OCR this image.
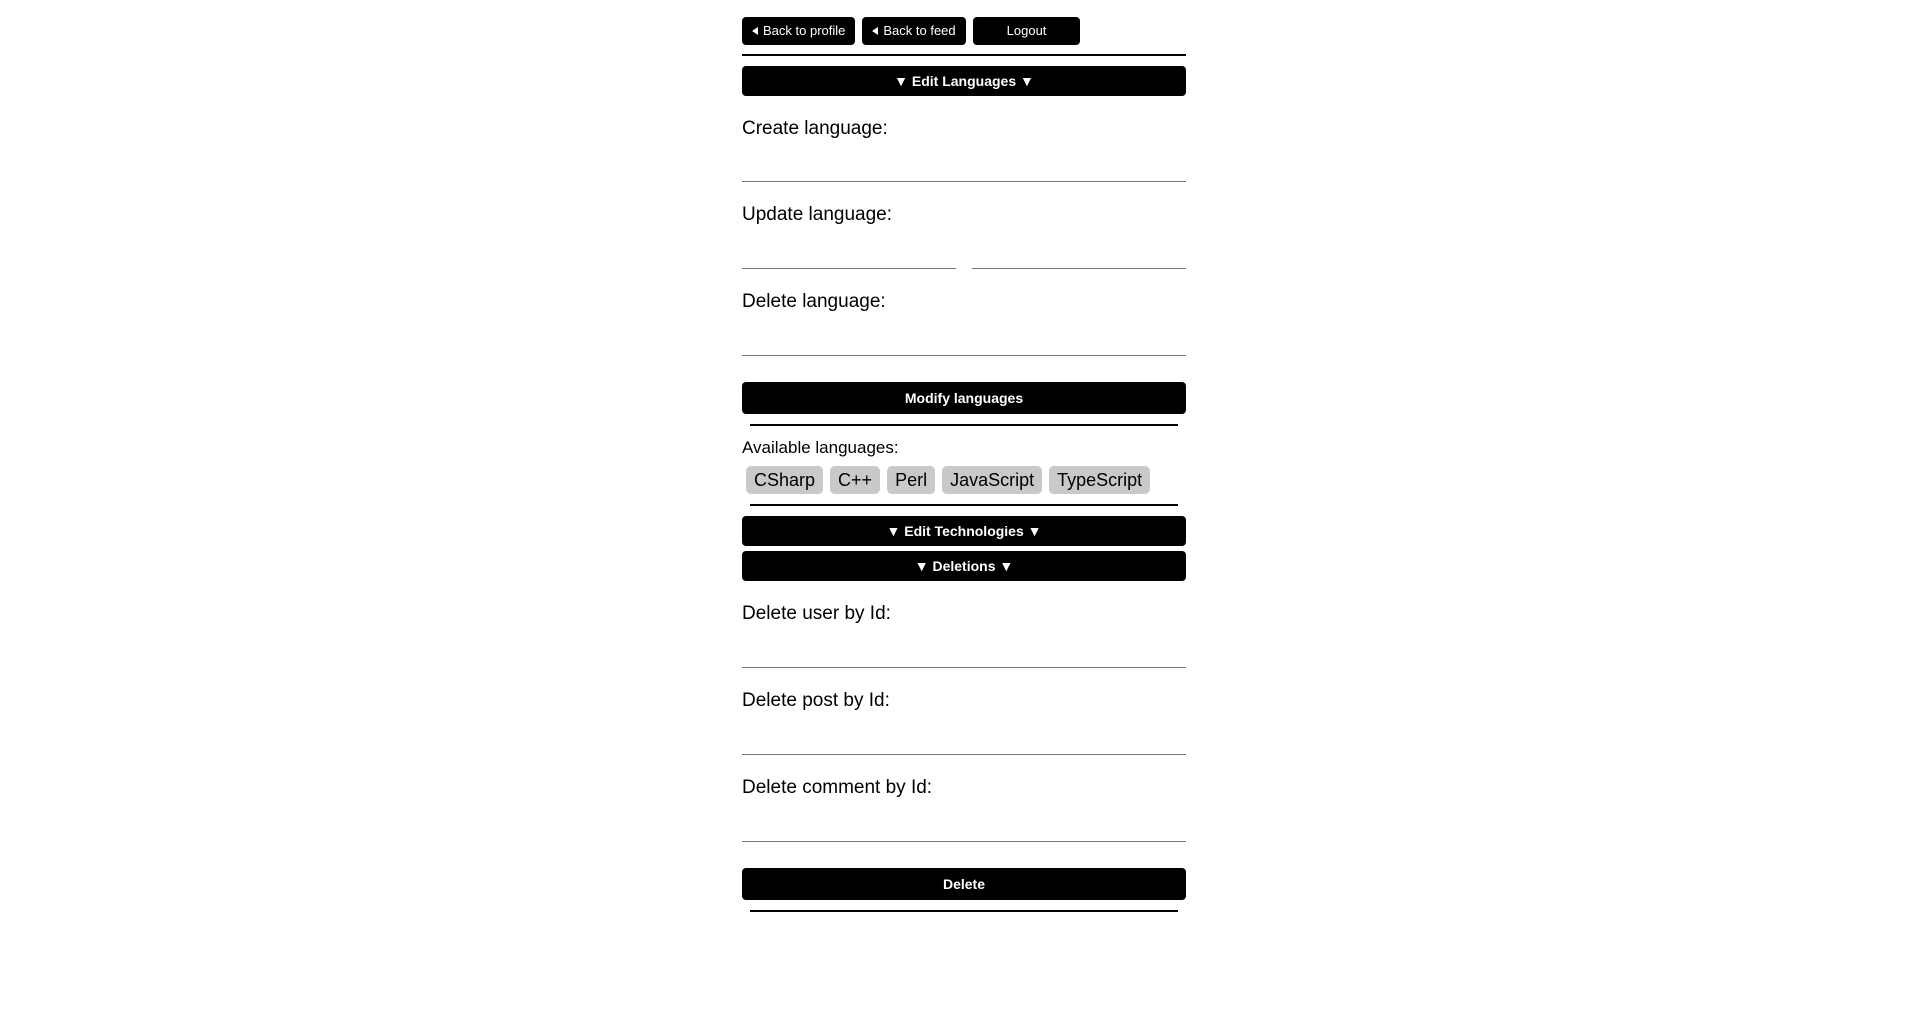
Back to profile	Back to feed	Logout
▼ Edit Languages ▼
Create language:
Update language:
Delete language:
Modify languages
Available languages:
CSharp	C++	Perl	JavaScript	TypeScript
▼ Edit Technologies ▼
▼ Deletions ▼
Delete user by Id:
Delete post by Id:
Delete comment by Id:
Delete
